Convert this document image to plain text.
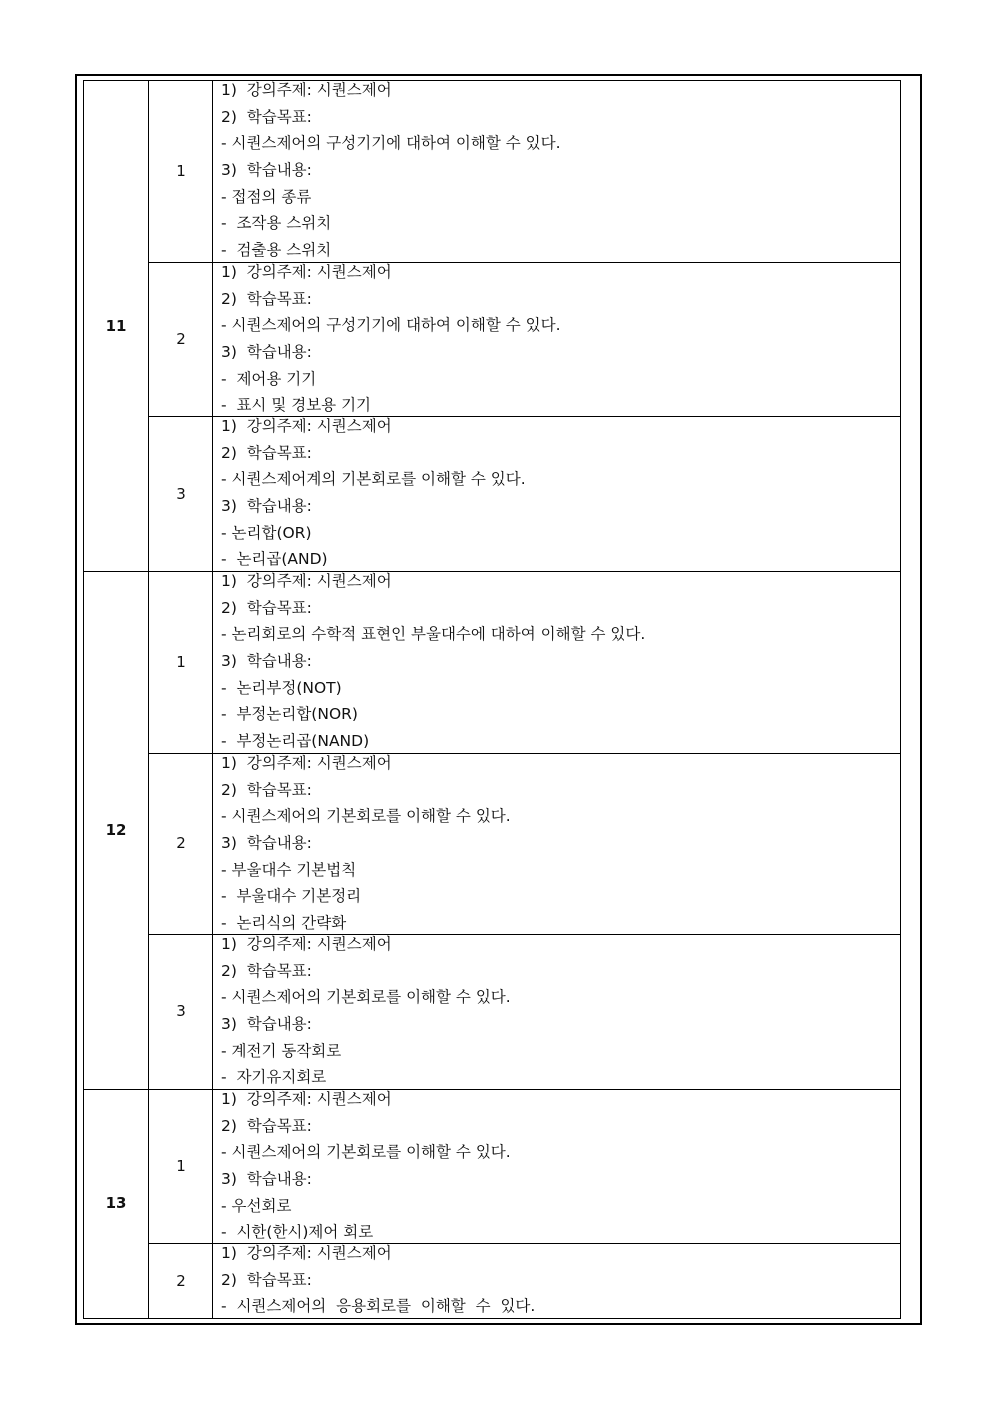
11
1
1)  강의주제: 시퀀스제어
2)  학습목표:
- 시퀀스제어의 구성기기에 대하여 이해할 수 있다.
3)  학습내용:
- 접점의 종류
-  조작용 스위치
-  검출용 스위치
2
1)  강의주제: 시퀀스제어
2)  학습목표:
- 시퀀스제어의 구성기기에 대하여 이해할 수 있다.
3)  학습내용:
-  제어용 기기
-  표시 및 경보용 기기
3
1)  강의주제: 시퀀스제어
2)  학습목표:
- 시퀀스제어계의 기본회로를 이해할 수 있다.
3)  학습내용:
- 논리합(OR)
-  논리곱(AND)
12
1
1)  강의주제: 시퀀스제어
2)  학습목표:
- 논리회로의 수학적 표현인 부울대수에 대하여 이해할 수 있다.
3)  학습내용:
-  논리부정(NOT)
-  부정논리합(NOR)
-  부정논리곱(NAND)
2
1)  강의주제: 시퀀스제어
2)  학습목표:
- 시퀀스제어의 기본회로를 이해할 수 있다.
3)  학습내용:
- 부울대수 기본법칙
-  부울대수 기본정리
-  논리식의 간략화
3
1)  강의주제: 시퀀스제어
2)  학습목표:
- 시퀀스제어의 기본회로를 이해할 수 있다.
3)  학습내용:
- 계전기 동작회로
-  자기유지회로
13
1
1)  강의주제: 시퀀스제어
2)  학습목표:
- 시퀀스제어의 기본회로를 이해할 수 있다.
3)  학습내용:
- 우선회로
-  시한(한시)제어 회로
2
1)  강의주제: 시퀀스제어
2)  학습목표:
-  시퀀스제어의  응용회로를  이해할  수  있다.
